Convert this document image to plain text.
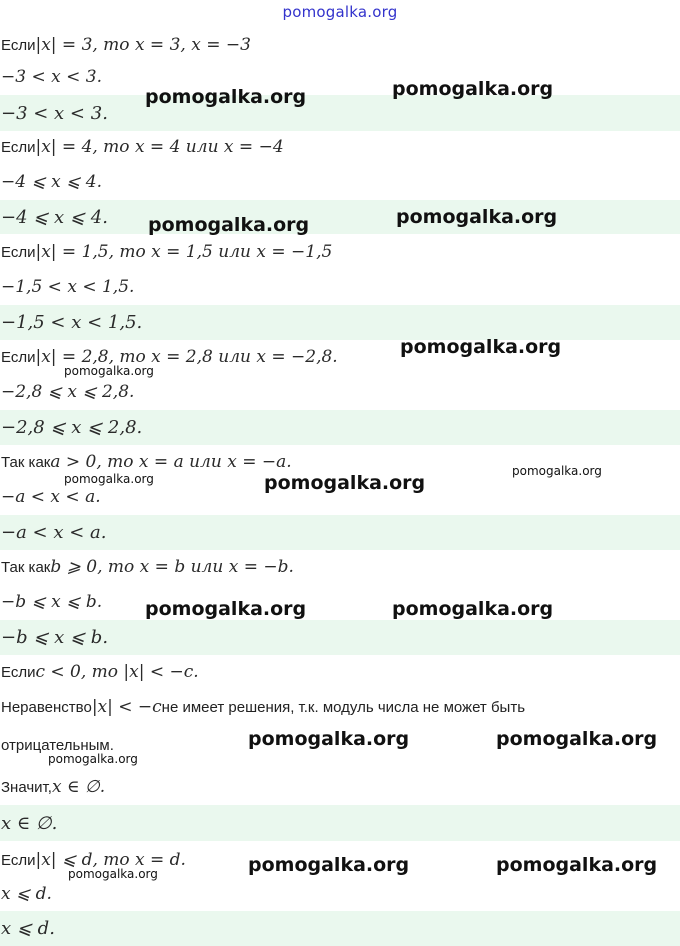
pomogalka.org
Если |x| = 3, то x = 3, x = −3
−3 < x < 3.
−3 < x < 3.
Если |x| = 4, то x = 4 или x = −4
−4 ⩽ x ⩽ 4.
−4 ⩽ x ⩽ 4.
Если |x| = 1,5, то x = 1,5 или x = −1,5
−1,5 < x < 1,5.
−1,5 < x < 1,5.
Если |x| = 2,8, то x = 2,8 или x = −2,8.
−2,8 ⩽ x ⩽ 2,8.
−2,8 ⩽ x ⩽ 2,8.
Так как a > 0, то x = a или x = −a.
−a < x < a.
−a < x < a.
Так как b ⩾ 0, то x = b или x = −b.
−b ⩽ x ⩽ b.
−b ⩽ x ⩽ b.
Если c < 0, то |x| < −c.
Неравенство |x| < −c не имеет решения, т.к. модуль числа не может быть
отрицательным.
Значит, x ∈ ∅.
x ∈ ∅.
Если |x| ⩽ d, то x = d.
x ⩽ d.
x ⩽ d.
pomogalka.org	pomogalka.org
pomogalka.org	pomogalka.org
pomogalka.org
pomogalka.org
pomogalka.org	pomogalka.org
pomogalka.org
pomogalka.org	pomogalka.org
pomogalka.org	pomogalka.org
pomogalka.org
pomogalka.org	pomogalka.org
pomogalka.org
